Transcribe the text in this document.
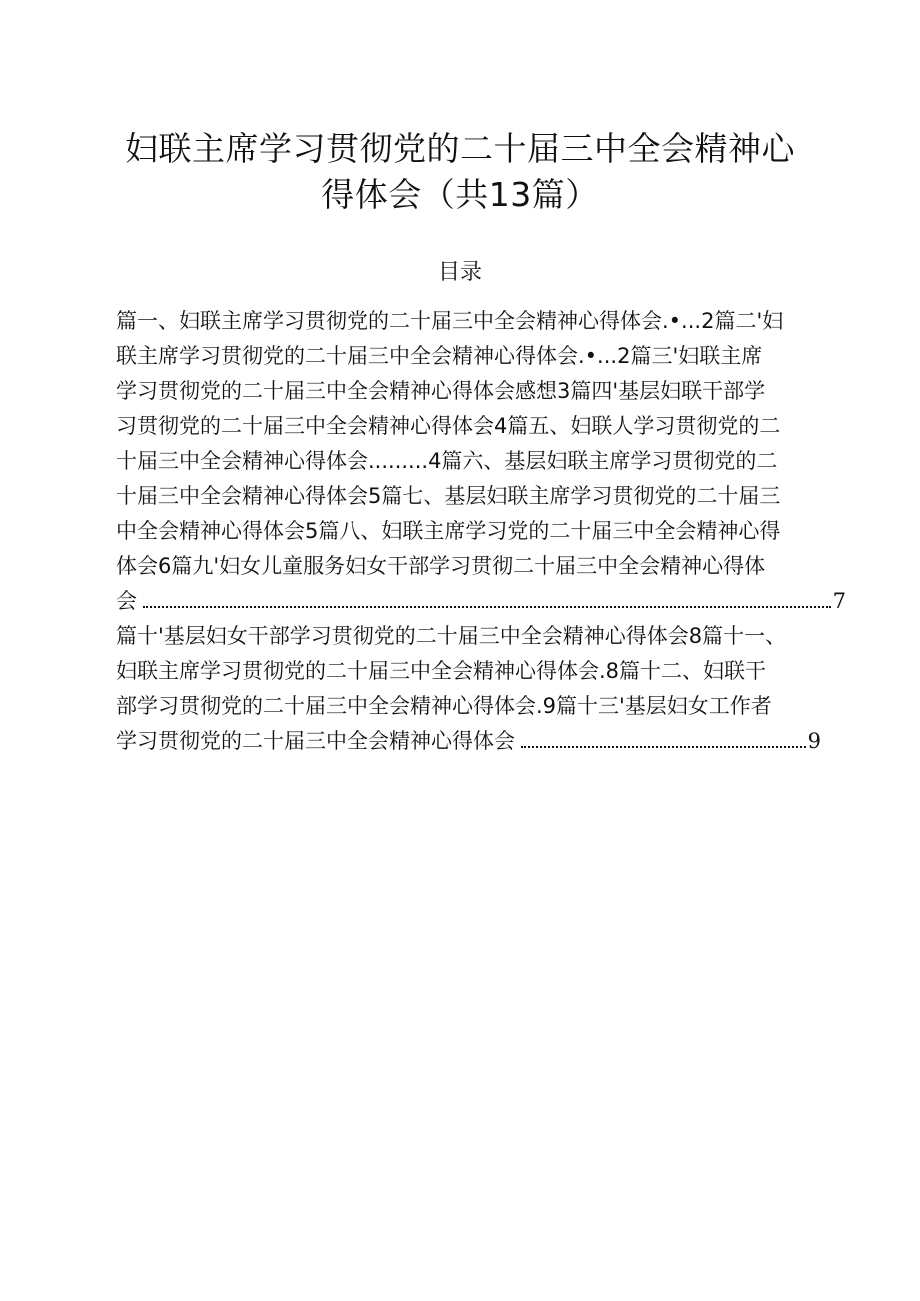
妇联主席学习贯彻党的二十届三中全会精神心
得体会（共13篇）
目录
篇一、妇联主席学习贯彻党的二十届三中全会精神心得体会.•...2篇二'妇
联主席学习贯彻党的二十届三中全会精神心得体会.•...2篇三'妇联主席
学习贯彻党的二十届三中全会精神心得体会感想3篇四'基层妇联干部学
习贯彻党的二十届三中全会精神心得体会4篇五、妇联人学习贯彻党的二
十届三中全会精神心得体会.........4篇六、基层妇联主席学习贯彻党的二
十届三中全会精神心得体会5篇七、基层妇联主席学习贯彻党的二十届三
中全会精神心得体会5篇八、妇联主席学习党的二十届三中全会精神心得
体会6篇九'妇女儿童服务妇女干部学习贯彻二十届三中全会精神心得体
会	7
篇十'基层妇女干部学习贯彻党的二十届三中全会精神心得体会8篇十一、
妇联主席学习贯彻党的二十届三中全会精神心得体会.8篇十二、妇联干
部学习贯彻党的二十届三中全会精神心得体会.9篇十三'基层妇女工作者
学习贯彻党的二十届三中全会精神心得体会	9
